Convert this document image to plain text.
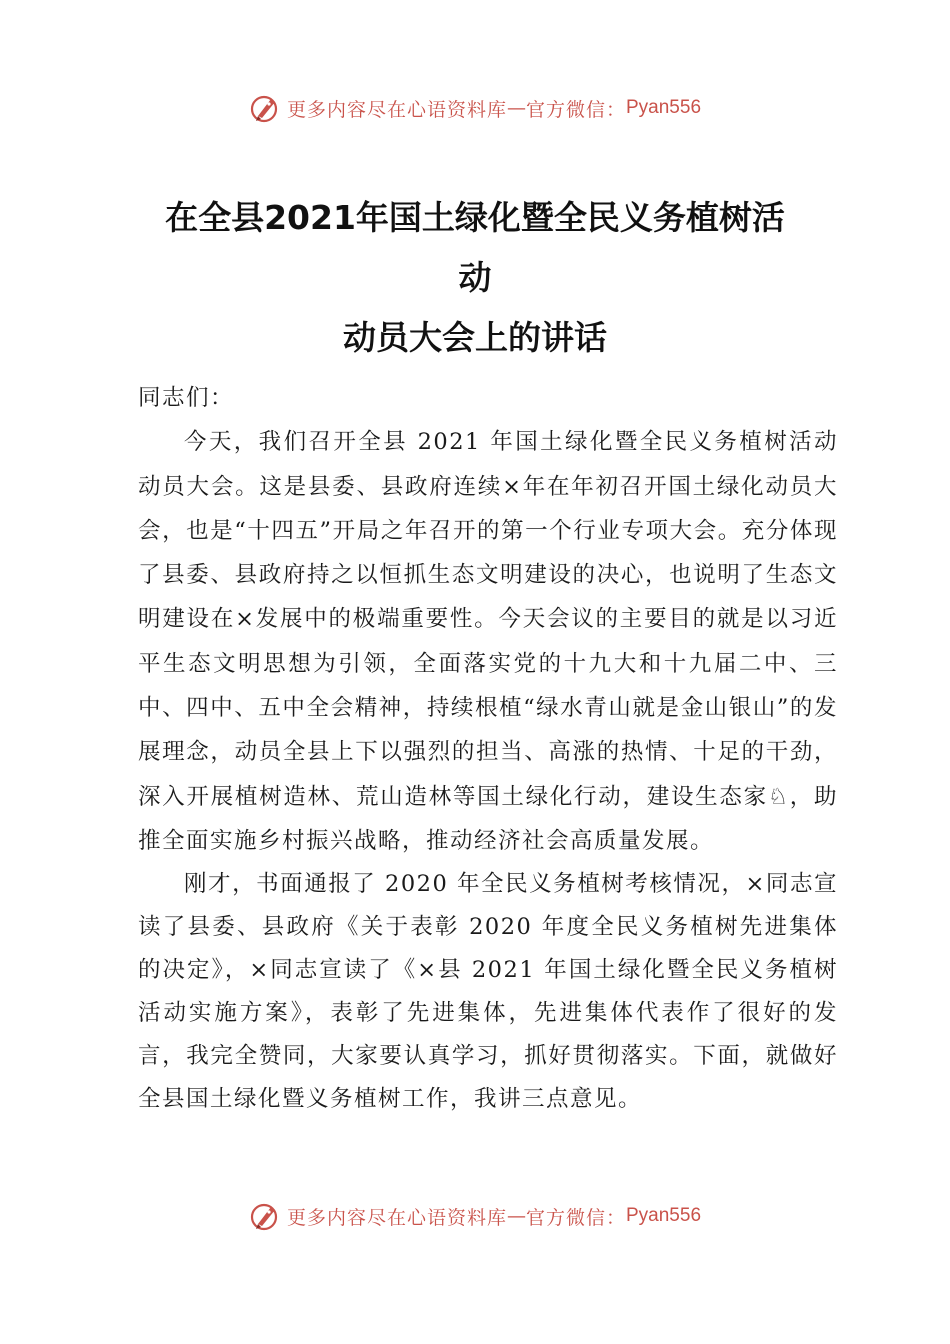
更多内容尽在心语资料库 — 官方微信： Pyan556
在全县2021年国土绿化暨全民义务植树活
动
动员大会上的讲话

同志们：

今天，我们召开全县 2021 年国土绿化暨全民义务植树活动动员大会。这是县委、县政府连续×年在年初召开国土绿化动员大会，也是“十四五”开局之年召开的第一个行业专项大会。充分体现了县委、县政府持之以恒抓生态文明建设的决心，也说明了生态文明建设在×发展中的极端重要性。今天会议的主要目的就是以习近平生态文明思想为引领，全面落实党的十九大和十九届二中、三中、四中、五中全会精神，持续根植“绿水青山就是金山银山”的发展理念，动员全县上下以强烈的担当、高涨的热情、十足的干劲，深入开展植树造林、荒山造林等国土绿化行动，建设生态家♘，助推全面实施乡村振兴战略，推动经济社会高质量发展。

刚才，书面通报了 2020 年全民义务植树考核情况，×同志宣读了县委、县政府《关于表彰 2020 年度全民义务植树先进集体的决定》，×同志宣读了《×县 2021 年国土绿化暨全民义务植树活动实施方案》，表彰了先进集体，先进集体代表作了很好的发言，我完全赞同，大家要认真学习，抓好贯彻落实。下面，就做好全县国土绿化暨义务植树工作，我讲三点意见。

更多内容尽在心语资料库 — 官方微信： Pyan556
